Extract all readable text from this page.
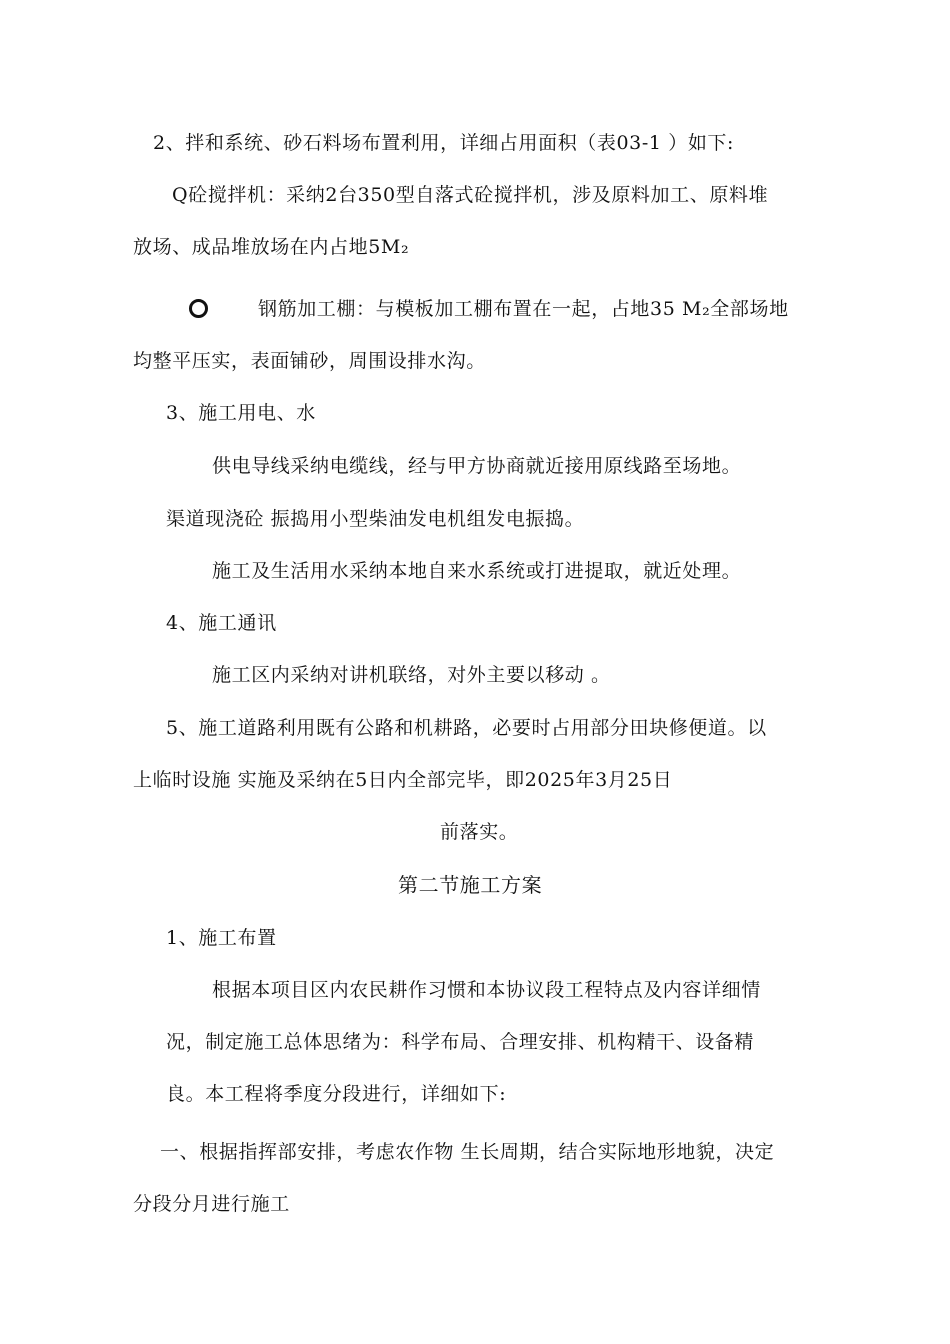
2、拌和系统、砂石料场布置利用，详细占用面积（表03-1 ）如下:
Q砼搅拌机：采纳2台350型自落式砼搅拌机，涉及原料加工、原料堆
放场、成品堆放场在内占地5M₂
钢筋加工棚：与模板加工棚布置在一起，占地35 M₂全部场地
均整平压实，表面铺砂，周围设排水沟。
3、施工用电、水
供电导线采纳电缆线，经与甲方协商就近接用原线路至场地。
渠道现浇砼 振捣用小型柴油发电机组发电振捣。
施工及生活用水采纳本地自来水系统或打进提取，就近处理。
4、施工通讯
施工区内采纳对讲机联络，对外主要以移动 。
5、施工道路利用既有公路和机耕路，必要时占用部分田块修便道。以
上临时设施 实施及采纳在5日内全部完毕，即2025年3月25日
前落实。
第二节施工方案
1、施工布置
根据本项目区内农民耕作习惯和本协议段工程特点及内容详细情
况，制定施工总体思绪为：科学布局、合理安排、机构精干、设备精
良。本工程将季度分段进行，详细如下:
一、根据指挥部安排，考虑农作物 生长周期，结合实际地形地貌，决定
分段分月进行施工
